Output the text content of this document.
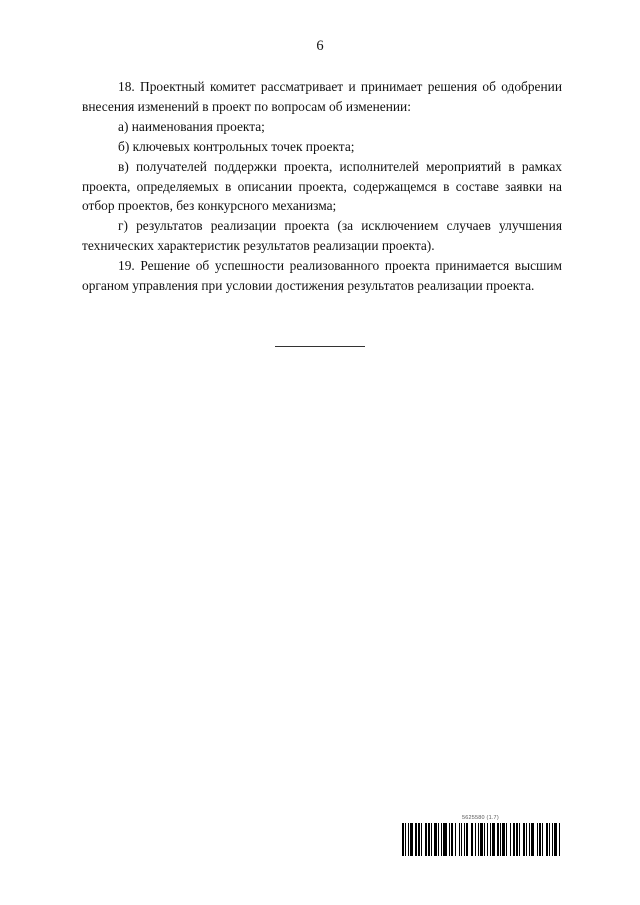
6

18. Проектный комитет рассматривает и принимает решения об одобрении внесения изменений в проект по вопросам об изменении:

а) наименования проекта;

б) ключевых контрольных точек проекта;

в) получателей поддержки проекта, исполнителей мероприятий в рамках проекта, определяемых в описании проекта, содержащемся в составе заявки на отбор проектов, без конкурсного механизма;

г) результатов реализации проекта (за исключением случаев улучшения технических характеристик результатов реализации проекта).

19. Решение об успешности реализованного проекта принимается высшим органом управления при условии достижения результатов реализации проекта.

5625580 (1.7)
